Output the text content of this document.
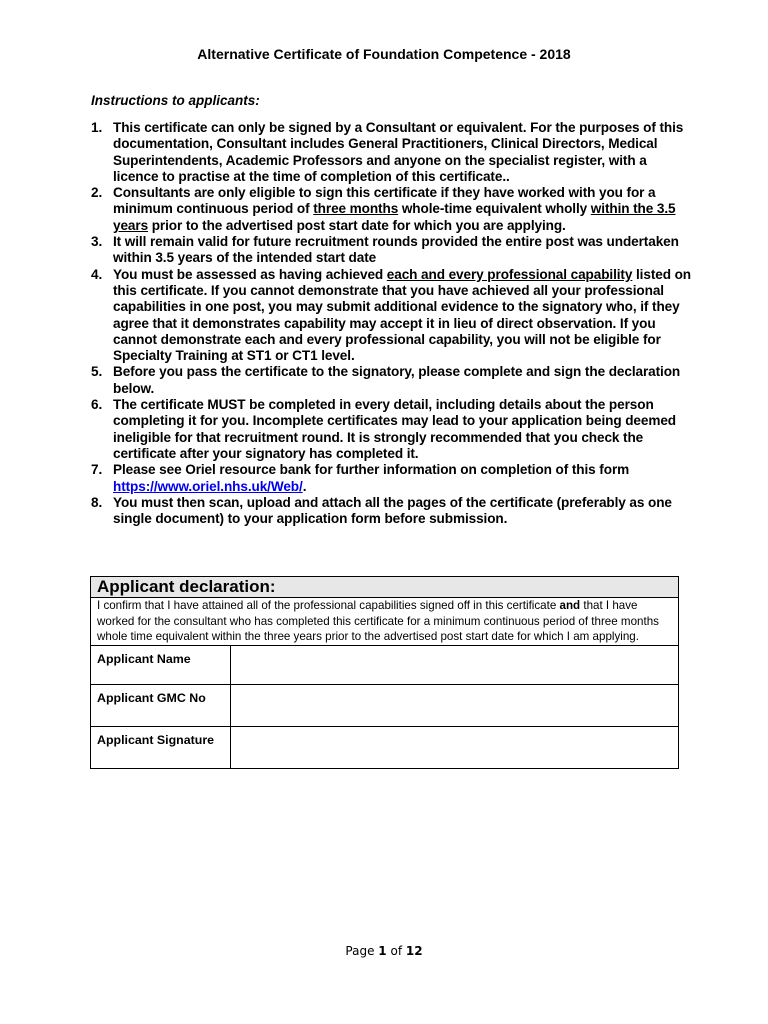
Alternative Certificate of Foundation Competence - 2018
Instructions to applicants:
1. This certificate can only be signed by a Consultant or equivalent. For the purposes of this documentation, Consultant includes General Practitioners, Clinical Directors, Medical Superintendents, Academic Professors and anyone on the specialist register, with a licence to practise at the time of completion of this certificate..
2. Consultants are only eligible to sign this certificate if they have worked with you for a minimum continuous period of three months whole-time equivalent wholly within the 3.5 years prior to the advertised post start date for which you are applying.
3. It will remain valid for future recruitment rounds provided the entire post was undertaken within 3.5 years of the intended start date
4. You must be assessed as having achieved each and every professional capability listed on this certificate. If you cannot demonstrate that you have achieved all your professional capabilities in one post, you may submit additional evidence to the signatory who, if they agree that it demonstrates capability may accept it in lieu of direct observation. If you cannot demonstrate each and every professional capability, you will not be eligible for Specialty Training at ST1 or CT1 level.
5. Before you pass the certificate to the signatory, please complete and sign the declaration below.
6. The certificate MUST be completed in every detail, including details about the person completing it for you. Incomplete certificates may lead to your application being deemed ineligible for that recruitment round. It is strongly recommended that you check the certificate after your signatory has completed it.
7. Please see Oriel resource bank for further information on completion of this form https://www.oriel.nhs.uk/Web/.
8. You must then scan, upload and attach all the pages of the certificate (preferably as one single document) to your application form before submission.
Applicant declaration:	
I confirm that I have attained all of the professional capabilities signed off in this certificate and that I have worked for the consultant who has completed this certificate for a minimum continuous period of three months whole time equivalent within the three years prior to the advertised post start date for which I am applying.	
Applicant Name	
Applicant GMC No	
Applicant Signature	
Page 1 of 12
